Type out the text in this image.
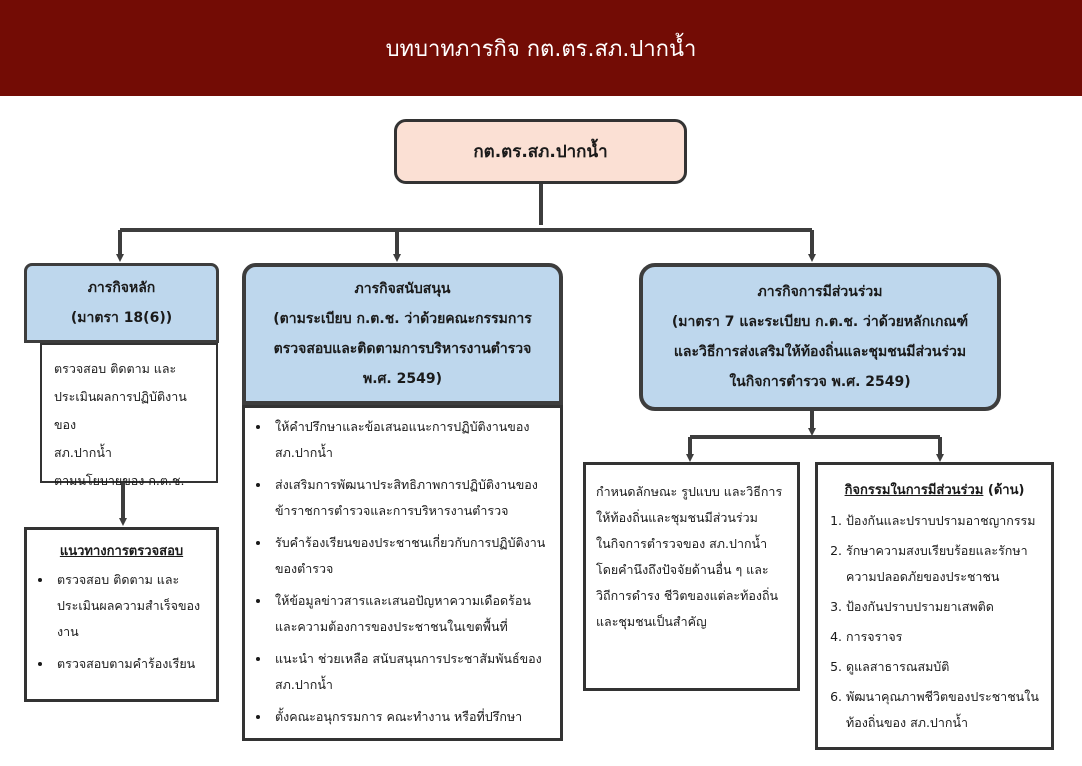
บทบาทภารกิจ กต.ตร.สภ.ปากน้ำ
กต.ตร.สภ.ปากน้ำ
ภารกิจหลัก
(มาตรา 18(6))
ตรวจสอบ ติดตาม และ
ประเมินผลการปฏิบัติงานของ
สภ.ปากน้ำ
ตามนโยบายของ ก.ต.ช.
แนวทางการตรวจสอบ
• ตรวจสอบ ติดตาม และประเมินผลความสำเร็จของงาน
• ตรวจสอบตามคำร้องเรียน
ภารกิจสนับสนุน
(ตามระเบียบ ก.ต.ช. ว่าด้วยคณะกรรมการ
ตรวจสอบและติดตามการบริหารงานตำรวจ
พ.ศ. 2549)
• ให้คำปรึกษาและข้อเสนอแนะการปฏิบัติงานของ สภ.ปากน้ำ
• ส่งเสริมการพัฒนาประสิทธิภาพการปฏิบัติงานของข้าราชการตำรวจและการบริหารงานตำรวจ
• รับคำร้องเรียนของประชาชนเกี่ยวกับการปฏิบัติงาน ของตำรวจ
• ให้ข้อมูลข่าวสารและเสนอปัญหาความเดือดร้อนและความต้องการของประชาชนในเขตพื้นที่
• แนะนำ ช่วยเหลือ สนับสนุนการประชาสัมพันธ์ของ สภ.ปากน้ำ
• ตั้งคณะอนุกรรมการ คณะทำงาน หรือที่ปรึกษา
ภารกิจการมีส่วนร่วม
(มาตรา 7 และระเบียบ ก.ต.ช. ว่าด้วยหลักเกณฑ์
และวิธีการส่งเสริมให้ท้องถิ่นและชุมชนมีส่วนร่วม
ในกิจการตำรวจ พ.ศ. 2549)
กำหนดลักษณะ รูปแบบ และวิธีการ
ให้ท้องถิ่นและชุมชนมีส่วนร่วม
ในกิจการตำรวจของ สภ.ปากน้ำ
โดยคำนึงถึงปัจจัยด้านอื่น ๆ และ
วิถีการดำรง ชีวิตของแต่ละท้องถิ่น
และชุมชนเป็นสำคัญ
กิจกรรมในการมีส่วนร่วม (ด้าน)
1. ป้องกันและปราบปรามอาชญากรรม
2. รักษาความสงบเรียบร้อยและรักษาความปลอดภัยของประชาชน
3. ป้องกันปราบปรามยาเสพติด
4. การจราจร
5. ดูแลสาธารณสมบัติ
6. พัฒนาคุณภาพชีวิตของประชาชนในท้องถิ่นของ สภ.ปากน้ำ
